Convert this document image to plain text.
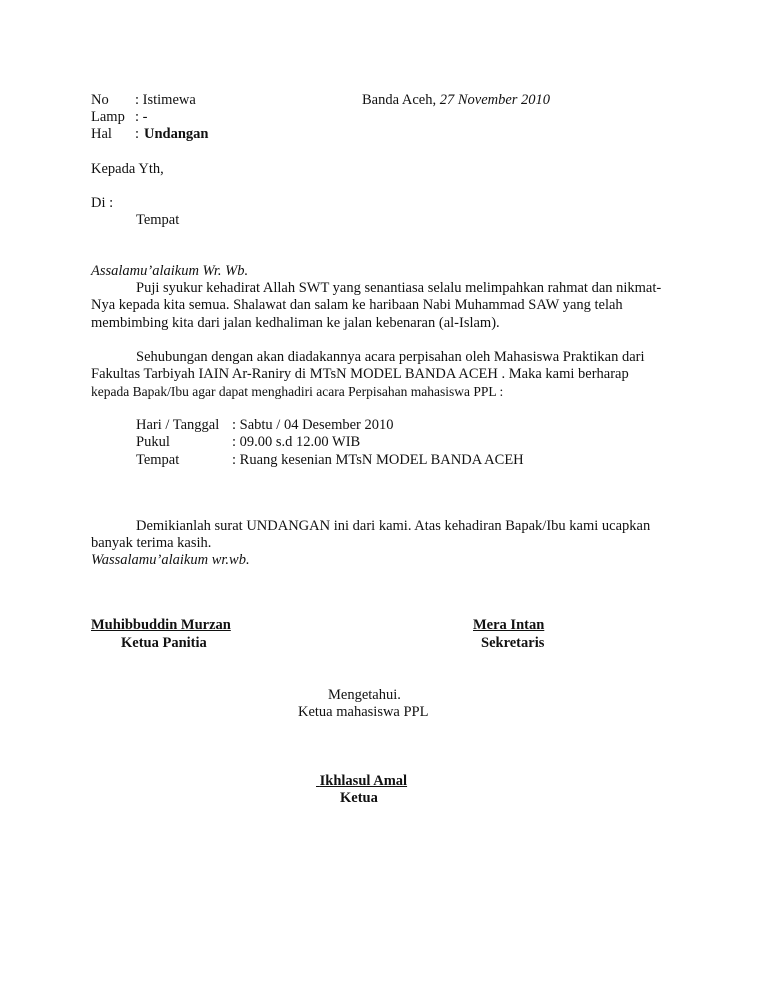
No : Istimewa
Lamp : -
Hal : Undangan
Banda Aceh, 27 November 2010
Kepada Yth,
Di :
Tempat
Assalamu’alaikum Wr. Wb.
Puji syukur kehadirat Allah SWT yang senantiasa selalu melimpahkan rahmat dan nikmat-
Nya kepada kita semua. Shalawat dan salam ke haribaan Nabi Muhammad SAW yang telah
membimbing kita dari jalan kedhaliman ke jalan kebenaran (al-Islam).
Sehubungan dengan akan diadakannya acara perpisahan oleh Mahasiswa Praktikan dari
Fakultas Tarbiyah IAIN Ar-Raniry di MTsN MODEL BANDA ACEH . Maka kami berharap
kepada Bapak/Ibu agar dapat menghadiri acara Perpisahan mahasiswa PPL :
Hari / Tanggal : Sabtu / 04 Desember 2010
Pukul	: 09.00 s.d 12.00 WIB
Tempat	: Ruang kesenian MTsN MODEL BANDA ACEH
Demikianlah surat UNDANGAN ini dari kami. Atas kehadiran Bapak/Ibu kami ucapkan
banyak terima kasih.
Wassalamu’alaikum wr.wb.
Muhibbuddin Murzan
Ketua Panitia
Mera Intan
Sekretaris
Mengetahui.
Ketua mahasiswa PPL
Ikhlasul Amal
Ketua
